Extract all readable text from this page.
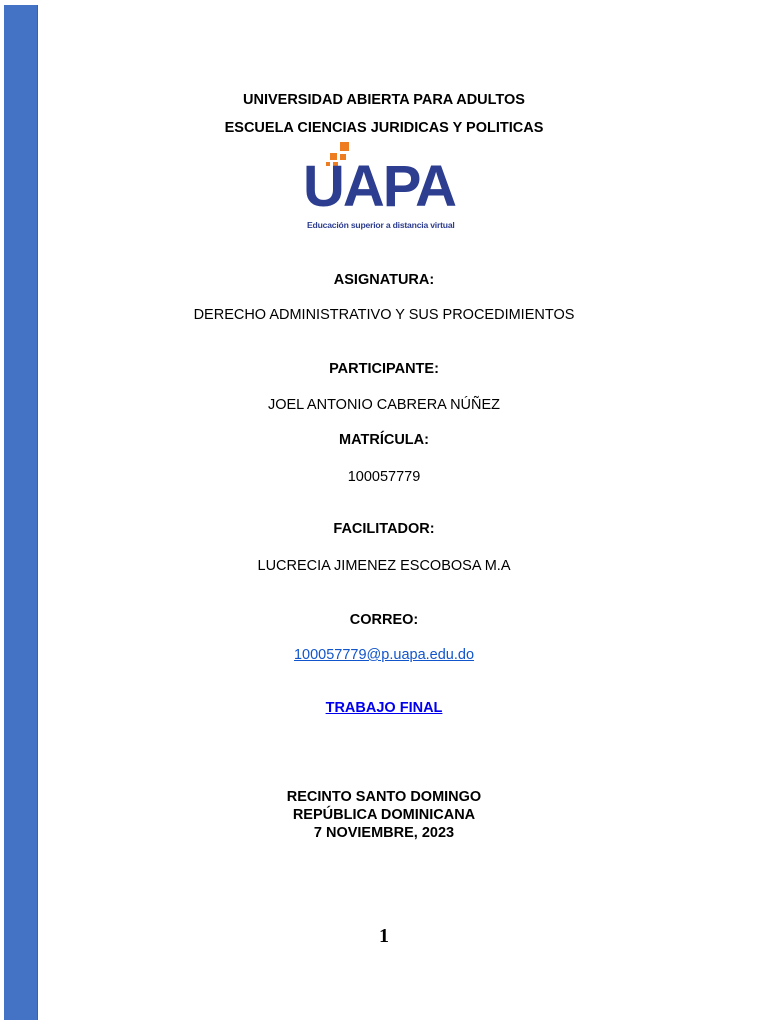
UNIVERSIDAD ABIERTA PARA ADULTOS
ESCUELA CIENCIAS JURIDICAS Y POLITICAS
UAPA
Educación superior a distancia virtual
ASIGNATURA:
DERECHO ADMINISTRATIVO Y SUS PROCEDIMIENTOS
PARTICIPANTE:
JOEL ANTONIO CABRERA NÚÑEZ
MATRÍCULA:
100057779
FACILITADOR:
LUCRECIA JIMENEZ ESCOBOSA M.A
CORREO:
100057779@p.uapa.edu.do
TRABAJO FINAL
RECINTO SANTO DOMINGO
REPÚBLICA DOMINICANA
7 NOVIEMBRE, 2023
1
